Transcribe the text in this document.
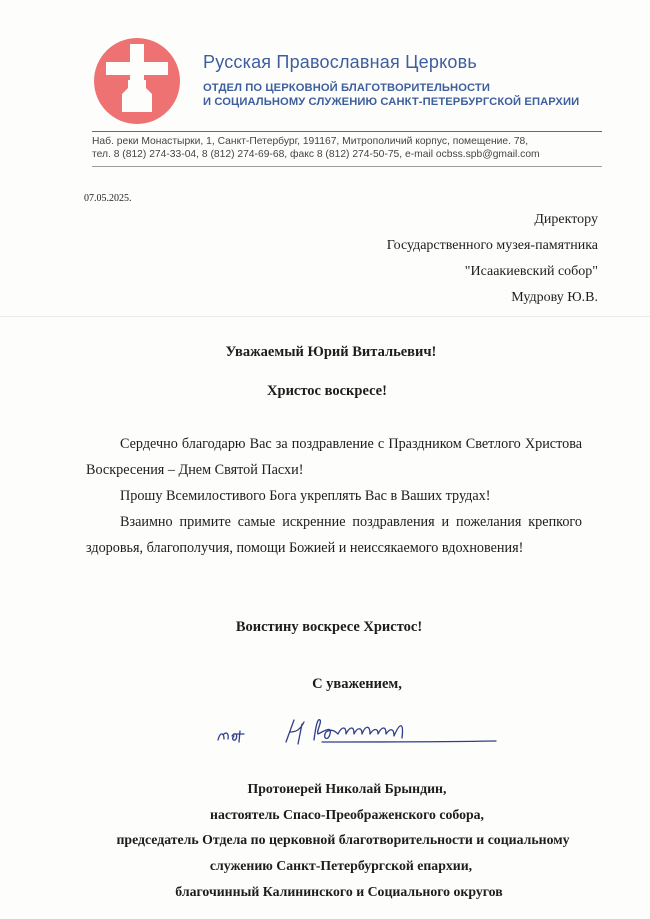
Русская Православная Церковь
ОТДЕЛ ПО ЦЕРКОВНОЙ БЛАГОТВОРИТЕЛЬНОСТИ
И СОЦИАЛЬНОМУ СЛУЖЕНИЮ САНКТ-ПЕТЕРБУРГСКОЙ ЕПАРХИИ
Наб. реки Монастырки, 1, Санкт-Петербург, 191167, Митрополичий корпус, помещение. 78,
тел. 8 (812) 274-33-04, 8 (812) 274-69-68, факс 8 (812) 274-50-75, e-mail ocbss.spb@gmail.com
07.05.2025.
Директору
Государственного музея-памятника
"Исаакиевский собор"
Мудрову Ю.В.
Уважаемый Юрий Витальевич!
Христос воскресе!
Сердечно благодарю Вас за поздравление с Праздником Светлого Христова Воскресения – Днем Святой Пасхи!
Прошу Всемилостивого Бога укреплять Вас в Ваших трудах!
Взаимно примите самые искренние поздравления и пожелания крепкого здоровья, благополучия, помощи Божией и неиссякаемого вдохновения!
Воистину воскресе Христос!
С уважением,
Протоиерей Николай Брындин,
настоятель Спасо-Преображенского собора,
председатель Отдела по церковной благотворительности и социальному
служению Санкт-Петербургской епархии,
благочинный Калининского и Социального округов
